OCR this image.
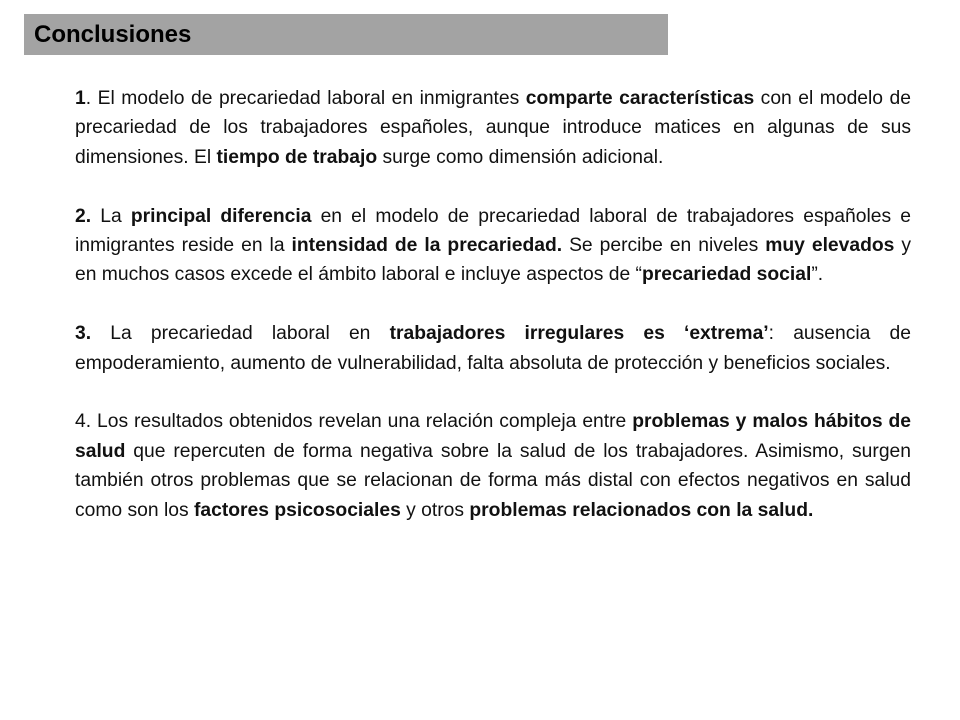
Conclusiones

1. El modelo de precariedad laboral en inmigrantes comparte características con el modelo de precariedad de los trabajadores españoles, aunque introduce matices en algunas de sus dimensiones. El tiempo de trabajo surge como dimensión adicional.

2. La principal diferencia en el modelo de precariedad laboral de trabajadores españoles e inmigrantes reside en la intensidad de la precariedad. Se percibe en niveles muy elevados y en muchos casos excede el ámbito laboral e incluye aspectos de “precariedad social”.

3. La precariedad laboral en trabajadores irregulares es ‘extrema’: ausencia de empoderamiento, aumento de vulnerabilidad, falta absoluta de protección y beneficios sociales.

4. Los resultados obtenidos revelan una relación compleja entre problemas y malos hábitos de salud que repercuten de forma negativa sobre la salud de los trabajadores. Asimismo, surgen también otros problemas que se relacionan de forma más distal con efectos negativos en salud como son los factores psicosociales y otros problemas relacionados con la salud.
